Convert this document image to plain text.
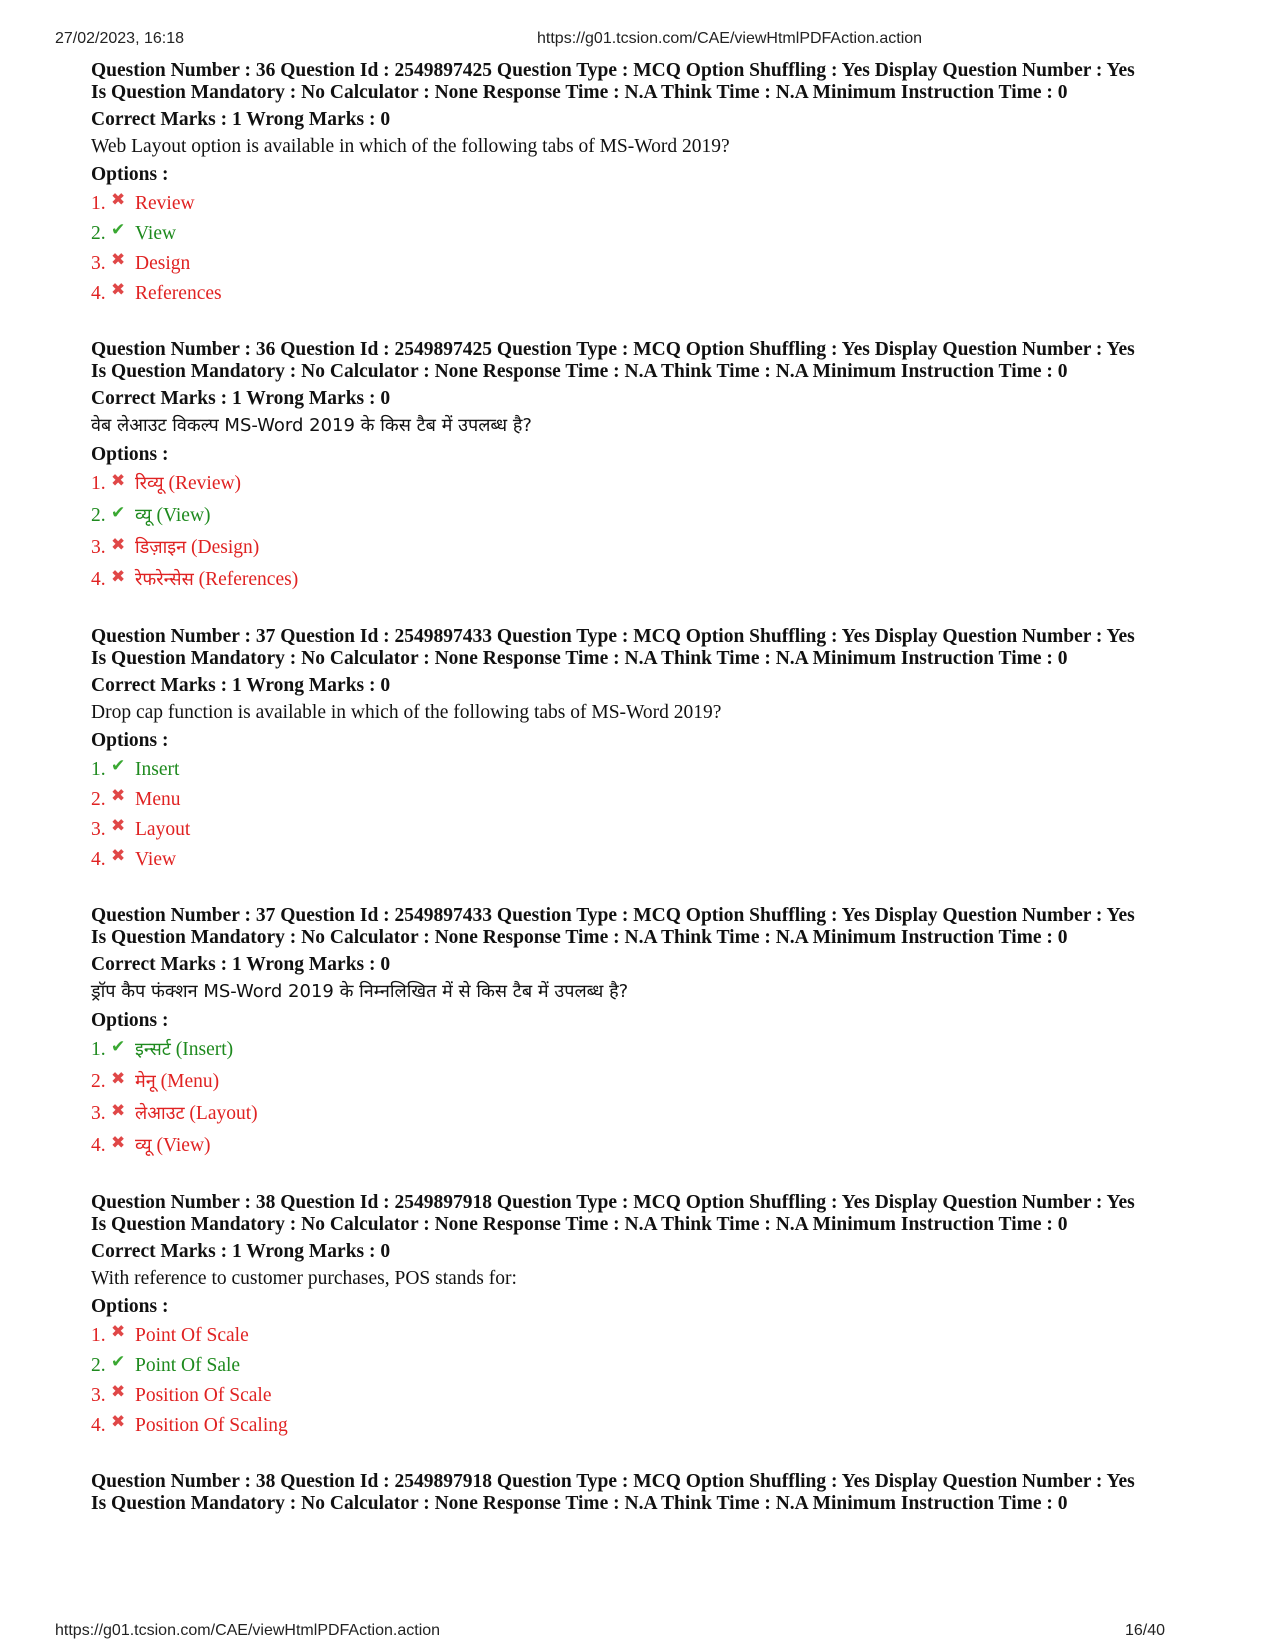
27/02/2023, 16:18	https://g01.tcsion.com/CAE/viewHtmlPDFAction.action
Question Number : 36 Question Id : 2549897425 Question Type : MCQ Option Shuffling : Yes Display Question Number : Yes
Is Question Mandatory : No Calculator : None Response Time : N.A Think Time : N.A Minimum Instruction Time : 0
Correct Marks : 1 Wrong Marks : 0
Web Layout option is available in which of the following tabs of MS-Word 2019?
Options :
1. ✖ Review
2. ✔ View
3. ✖ Design
4. ✖ References
Question Number : 36 Question Id : 2549897425 Question Type : MCQ Option Shuffling : Yes Display Question Number : Yes
Is Question Mandatory : No Calculator : None Response Time : N.A Think Time : N.A Minimum Instruction Time : 0
Correct Marks : 1 Wrong Marks : 0
वेब लेआउट विकल्प MS-Word 2019 के किस टैब में उपलब्ध है?
Options :
1. ✖ रिव्यू (Review)
2. ✔ व्यू (View)
3. ✖ डिज़ाइन (Design)
4. ✖ रेफरेन्सेस (References)
Question Number : 37 Question Id : 2549897433 Question Type : MCQ Option Shuffling : Yes Display Question Number : Yes
Is Question Mandatory : No Calculator : None Response Time : N.A Think Time : N.A Minimum Instruction Time : 0
Correct Marks : 1 Wrong Marks : 0
Drop cap function is available in which of the following tabs of MS-Word 2019?
Options :
1. ✔ Insert
2. ✖ Menu
3. ✖ Layout
4. ✖ View
Question Number : 37 Question Id : 2549897433 Question Type : MCQ Option Shuffling : Yes Display Question Number : Yes
Is Question Mandatory : No Calculator : None Response Time : N.A Think Time : N.A Minimum Instruction Time : 0
Correct Marks : 1 Wrong Marks : 0
ड्रॉप कैप फंक्शन MS-Word 2019 के निम्नलिखित में से किस टैब में उपलब्ध है?
Options :
1. ✔ इन्सर्ट (Insert)
2. ✖ मेनू (Menu)
3. ✖ लेआउट (Layout)
4. ✖ व्यू (View)
Question Number : 38 Question Id : 2549897918 Question Type : MCQ Option Shuffling : Yes Display Question Number : Yes
Is Question Mandatory : No Calculator : None Response Time : N.A Think Time : N.A Minimum Instruction Time : 0
Correct Marks : 1 Wrong Marks : 0
With reference to customer purchases, POS stands for:
Options :
1. ✖ Point Of Scale
2. ✔ Point Of Sale
3. ✖ Position Of Scale
4. ✖ Position Of Scaling
Question Number : 38 Question Id : 2549897918 Question Type : MCQ Option Shuffling : Yes Display Question Number : Yes
Is Question Mandatory : No Calculator : None Response Time : N.A Think Time : N.A Minimum Instruction Time : 0
https://g01.tcsion.com/CAE/viewHtmlPDFAction.action	16/40
